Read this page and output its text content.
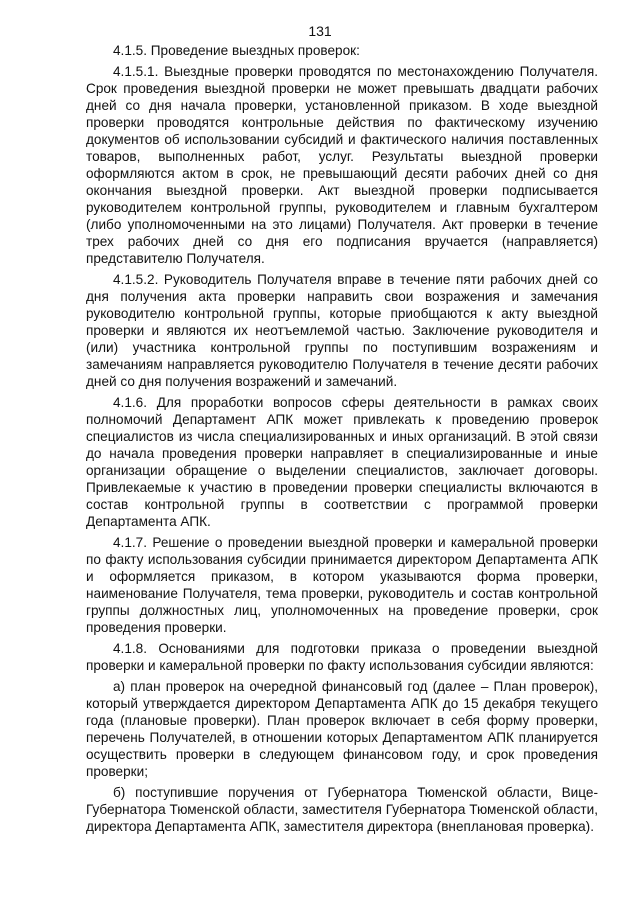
131

4.1.5. Проведение выездных проверок:

4.1.5.1. Выездные проверки проводятся по местонахождению Получателя. Срок проведения выездной проверки не может превышать двадцати рабочих дней со дня начала проверки, установленной приказом. В ходе выездной проверки проводятся контрольные действия по фактическому изучению документов об использовании субсидий и фактического наличия поставленных товаров, выполненных работ, услуг. Результаты выездной проверки оформляются актом в срок, не превышающий десяти рабочих дней со дня окончания выездной проверки. Акт выездной проверки подписывается руководителем контрольной группы, руководителем и главным бухгалтером (либо уполномоченными на это лицами) Получателя. Акт проверки в течение трех рабочих дней со дня его подписания вручается (направляется) представителю Получателя.

4.1.5.2. Руководитель Получателя вправе в течение пяти рабочих дней со дня получения акта проверки направить свои возражения и замечания руководителю контрольной группы, которые приобщаются к акту выездной проверки и являются их неотъемлемой частью. Заключение руководителя и (или) участника контрольной группы по поступившим возражениям и замечаниям направляется руководителю Получателя в течение десяти рабочих дней со дня получения возражений и замечаний.

4.1.6. Для проработки вопросов сферы деятельности в рамках своих полномочий Департамент АПК может привлекать к проведению проверок специалистов из числа специализированных и иных организаций. В этой связи до начала проведения проверки направляет в специализированные и иные организации обращение о выделении специалистов, заключает договоры. Привлекаемые к участию в проведении проверки специалисты включаются в состав контрольной группы в соответствии с программой проверки Департамента АПК.

4.1.7. Решение о проведении выездной проверки и камеральной проверки по факту использования субсидии принимается директором Департамента АПК и оформляется приказом, в котором указываются форма проверки, наименование Получателя, тема проверки, руководитель и состав контрольной группы должностных лиц, уполномоченных на проведение проверки, срок проведения проверки.

4.1.8. Основаниями для подготовки приказа о проведении выездной проверки и камеральной проверки по факту использования субсидии являются:

а) план проверок на очередной финансовый год (далее – План проверок), который утверждается директором Департамента АПК до 15 декабря текущего года (плановые проверки). План проверок включает в себя форму проверки, перечень Получателей, в отношении которых Департаментом АПК планируется осуществить проверки в следующем финансовом году, и срок проведения проверки;

б) поступившие поручения от Губернатора Тюменской области, Вице-Губернатора Тюменской области, заместителя Губернатора Тюменской области, директора Департамента АПК, заместителя директора (внеплановая проверка).
